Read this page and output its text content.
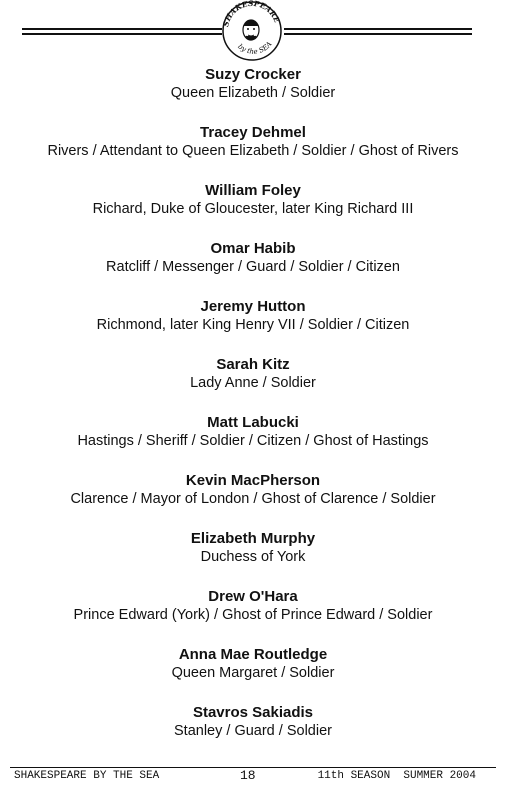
SHAKESPEARE
by the SEA
Suzy Crocker
Queen Elizabeth / Soldier
Tracey Dehmel
Rivers / Attendant to Queen Elizabeth / Soldier / Ghost of Rivers
William Foley
Richard, Duke of Gloucester, later King Richard III
Omar Habib
Ratcliff / Messenger / Guard / Soldier / Citizen
Jeremy Hutton
Richmond, later King Henry VII / Soldier / Citizen
Sarah Kitz
Lady Anne / Soldier
Matt Labucki
Hastings / Sheriff / Soldier / Citizen / Ghost of Hastings
Kevin MacPherson
Clarence / Mayor of London / Ghost of Clarence / Soldier
Elizabeth Murphy
Duchess of York
Drew O'Hara
Prince Edward (York) / Ghost of Prince Edward / Soldier
Anna Mae Routledge
Queen Margaret / Soldier
Stavros Sakiadis
Stanley / Guard / Soldier
SHAKESPEARE BY THE SEA	18	11th SEASON  SUMMER 2004
